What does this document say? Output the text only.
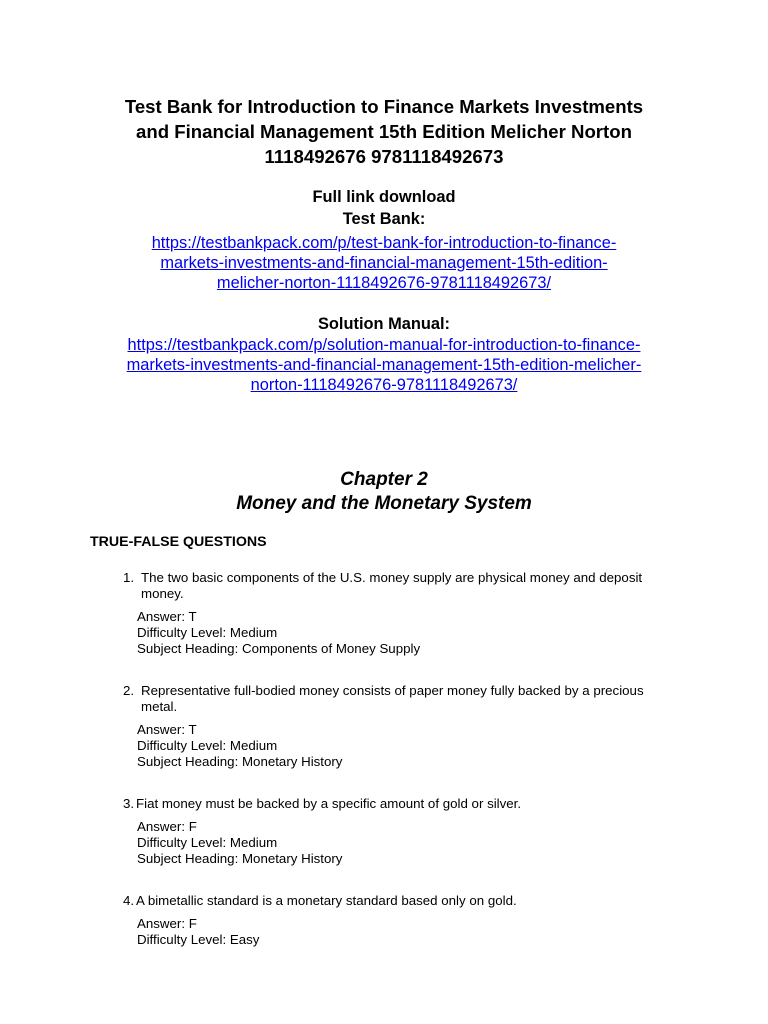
Test Bank for Introduction to Finance Markets Investments
and Financial Management 15th Edition Melicher Norton
1118492676 9781118492673
Full link download
Test Bank:
https://testbankpack.com/p/test-bank-for-introduction-to-finance-
markets-investments-and-financial-management-15th-edition-
melicher-norton-1118492676-9781118492673/
Solution Manual:
https://testbankpack.com/p/solution-manual-for-introduction-to-finance-
markets-investments-and-financial-management-15th-edition-melicher-
norton-1118492676-9781118492673/
Chapter 2
Money and the Monetary System
TRUE-FALSE QUESTIONS
1. The two basic components of the U.S. money supply are physical money and deposit
money.
Answer: T
Difficulty Level: Medium
Subject Heading: Components of Money Supply
2. Representative full-bodied money consists of paper money fully backed by a precious
metal.
Answer: T
Difficulty Level: Medium
Subject Heading: Monetary History
3. Fiat money must be backed by a specific amount of gold or silver.
Answer: F
Difficulty Level: Medium
Subject Heading: Monetary History
4. A bimetallic standard is a monetary standard based only on gold.
Answer: F
Difficulty Level: Easy
